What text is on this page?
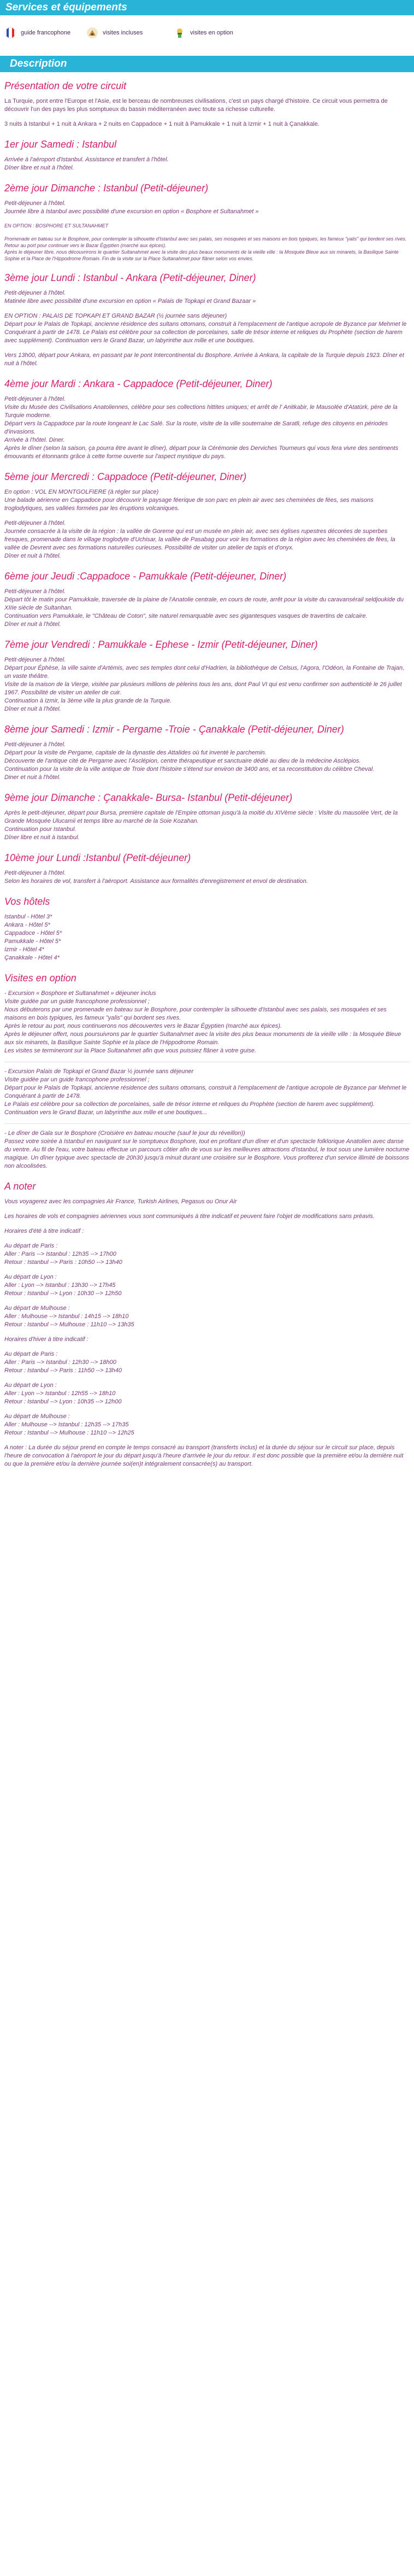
Services et équipements
guide francophone	visites incluses	visites en option
Description
Présentation de votre circuit

La Turquie, pont entre l'Europe et l'Asie, est le berceau de nombreuses civilisations, c'est un pays chargé d'histoire. Ce circuit vous permettra de découvrir l'un des pays les plus somptueux du bassin méditerranéen avec toute sa richesse culturelle.

3 nuits à Istanbul + 1 nuit à Ankara + 2 nuits en Cappadoce + 1 nuit à Pamukkale + 1 nuit à Izmir + 1 nuit à Çanakkale.

1er jour Samedi : Istanbul

Arrivée à l'aéroport d'Istanbul. Assistance et transfert à l'hôtel.
Dîner libre et nuit à l'hôtel.

2ème jour Dimanche : Istanbul (Petit-déjeuner)

Petit-déjeuner à l'hôtel.
Journée libre à Istanbul avec possibilité d'une excursion en option « Bosphore et Sultanahmet »

EN OPTION : BOSPHORE ET SULTANAHMET

Promenade en bateau sur le Bosphore, pour contempler la silhouette d'Istanbul avec ses palais, ses mosquées et ses maisons en bois typiques, les fameux "yalis" qui bordent ses rives. Retour au port pour continuer vers le Bazar Égyptien (marché aux épices).
Après le déjeuner libre, nous découvrirons le quartier Sultanahmet avec la visite des plus beaux monuments de la vieille ville : la Mosquée Bleue aux six minarets, la Basilique Sainte Sophie et la Place de l'Hippodrome Romain. Fin de la visite sur la Place Sultanahmet pour flâner selon vos envies.

3ème jour Lundi : Istanbul - Ankara (Petit-déjeuner, Diner)

Petit-déjeuner à l'hôtel.
Matinée libre avec possibilité d'une excursion en option « Palais de Topkapi et Grand Bazaar »

EN OPTION : PALAIS DE TOPKAPI ET GRAND BAZAR (½ journée sans déjeuner)
Départ pour le Palais de Topkapi, ancienne résidence des sultans ottomans, construit à l'emplacement de l'antique acropole de Byzance par Mehmet le Conquérant à partir de 1478. Le Palais est célèbre pour sa collection de porcelaines, salle de trésor interne et reliques du Prophète (section de harem avec supplément). Continuation vers le Grand Bazar, un labyrinthe aux mille et une boutiques.

Vers 13h00, départ pour Ankara, en passant par le pont Intercontinental du Bosphore. Arrivée à Ankara, la capitale de la Turquie depuis 1923. Dîner et nuit à l'hôtel.

4ème jour Mardi : Ankara - Cappadoce (Petit-déjeuner, Diner)

Petit-déjeuner à l'hôtel.
Visite du Musée des Civilisations Anatoliennes, célèbre pour ses collections hittites uniques; et arrêt de l' Anitkabir, le Mausolée d'Atatürk, père de la Turquie moderne.
Départ vers la Cappadoce par la route longeant le Lac Salé. Sur la route, visite de la ville souterraine de Saratli, refuge des citoyens en périodes d'invasions.
Arrivée à l'hôtel. Diner.
Après le dîner (selon la saison, ça pourra être avant le dîner), départ pour la Cérémonie des Derviches Tourneurs qui vous fera vivre des sentiments émouvants et étonnants grâce à cette forme ouverte sur l'aspect mystique du pays.

5ème jour Mercredi : Cappadoce (Petit-déjeuner, Diner)

En option : VOL EN MONTGOLFIERE (à régler sur place)
Une balade aérienne en Cappadoce pour découvrir le paysage féerique de son parc en plein air avec ses cheminées de fées, ses maisons troglodytiques, ses vallées formées par les éruptions volcaniques.

Petit-déjeuner à l'hôtel.
Journée consacrée à la visite de la région : la vallée de Goreme qui est un musée en plein air, avec ses églises rupestres décorées de superbes fresques, promenade dans le village troglodyte d'Uchisar, la vallée de Pasabag pour voir les formations de la région avec les cheminées de fées, la vallée de Devrent avec ses formations naturelles curieuses. Possibilité de visiter un atelier de tapis et d'onyx.
Dîner et nuit à l'hôtel.

6ème jour Jeudi :Cappadoce - Pamukkale (Petit-déjeuner, Diner)

Petit-déjeuner à l'hôtel.
Départ tôt le matin pour Pamukkale, traversée de la plaine de l'Anatolie centrale, en cours de route, arrêt pour la visite du caravansérail seldjoukide du XIIIe siècle de Sultanhan.
Continuation vers Pamukkale, le "Château de Coton", site naturel remarquable avec ses gigantesques vasques de travertins de calcaire.
Dîner et nuit à l'hôtel.

7ème jour Vendredi : Pamukkale - Ephese - Izmir (Petit-déjeuner, Diner)

Petit-déjeuner à l'hôtel.
Départ pour Éphèse, la ville sainte d'Artémis, avec ses temples dont celui d'Hadrien, la bibliothèque de Celsus, l'Agora, l'Odéon, la Fontaine de Trajan, un vaste théâtre.
Visite de la maison de la Vierge, visitée par plusieurs millions de pèlerins tous les ans, dont Paul VI qui est venu confirmer son authenticité le 26 juillet 1967. Possibilité de visiter un atelier de cuir.
Continuation à Izmir, la 3ème ville la plus grande de la Turquie.
Dîner et nuit à l'hôtel.

8ème jour Samedi : Izmir - Pergame -Troie - Çanakkale (Petit-déjeuner, Diner)

Petit-déjeuner à l'hôtel.
Départ pour la visite de Pergame, capitale de la dynastie des Attalides où fut inventé le parchemin.
Découverte de l'antique cité de Pergame avec l'Asclépion, centre thérapeutique et sanctuaire dédié au dieu de la médecine Asclépios.
Continuation pour la visite de la ville antique de Troie dont l'histoire s'étend sur environ de 3400 ans, et sa reconstitution du célèbre Cheval.
Diner et nuit à l'hôtel.

9ème jour Dimanche : Çanakkale- Bursa- Istanbul (Petit-déjeuner)

Après le petit-déjeuner, départ pour Bursa, première capitale de l'Empire ottoman jusqu'à la moitié du XIVème siècle : Visite du mausolée Vert, de la Grande Mosquée Ulucamii et temps libre au marché de la Soie Kozahan.
Continuation pour Istanbul.
Dîner libre et nuit à Istanbul.

10ème jour Lundi :Istanbul (Petit-déjeuner)

Petit-déjeuner à l'hôtel.
Selon les horaires de vol, transfert à l'aéroport. Assistance aux formalités d'enregistrement et envol de destination.

Vos hôtels

Istanbul - Hôtel 3*
Ankara - Hôtel 5*
Cappadoce - Hôtel 5*
Pamukkale - Hôtel 5*
Izmir - Hôtel 4*
Çanakkale - Hôtel 4*

Visites en option

- Excursion « Bosphore et Sultanahmet » déjeuner inclus
Visite guidée par un guide francophone professionnel ;
Nous débuterons par une promenade en bateau sur le Bosphore, pour contempler la silhouette d'Istanbul avec ses palais, ses mosquées et ses maisons en bois typiques, les fameux "yalis" qui bordent ses rives.
Après le retour au port, nous continuerons nos découvertes vers le Bazar Égyptien (marché aux épices).
Après le déjeuner offert, nous poursuivrons par le quartier Sultanahmet avec la visite des plus beaux monuments de la vieille ville : la Mosquée Bleue aux six minarets, la Basilique Sainte Sophie et la place de l'Hippodrome Romain.
Les visites se termineront sur la Place Sultanahmet afin que vous puissiez flâner à votre guise.

- Excursion Palais de Topkapi et Grand Bazar ½ journée sans déjeuner
Visite guidée par un guide francophone professionnel ;
Départ pour le Palais de Topkapi, ancienne résidence des sultans ottomans, construit à l'emplacement de l'antique acropole de Byzance par Mehmet le Conquérant à partir de 1478.
Le Palais est célèbre pour sa collection de porcelaines, salle de trésor interne et reliques du Prophète (section de harem avec supplément).
Continuation vers le Grand Bazar, un labyrinthe aux mille et une boutiques...

- Le dîner de Gala sur le Bosphore (Croisière en bateau mouche (sauf le jour du réveillon))
Passez votre soirée à Istanbul en naviguant sur le somptueux Bosphore, tout en profitant d'un dîner et d'un spectacle folklorique Anatolien avec danse du ventre. Au fil de l'eau, votre bateau effectue un parcours côtier afin de vous sur les meilleures attractions d'Istanbul, le tout sous une lumière nocturne magique. Un dîner typique avec spectacle de 20h30 jusqu'à minuit durant une croisière sur le Bosphore. Vous profiterez d'un service illimité de boissons non alcoolisées.

A noter

Vous voyagerez avec les compagnies Air France, Turkish Airlines, Pegasus ou Onur Air

Les horaires de vols et compagnies aériennes vous sont communiqués à titre indicatif et peuvent faire l'objet de modifications sans préavis.

Horaires d'été à titre indicatif :

Au départ de Paris :
Aller : Paris --> Istanbul : 12h35 --> 17h00
Retour : Istanbul --> Paris : 10h50 --> 13h40

Au départ de Lyon :
Aller : Lyon --> Istanbul : 13h30 --> 17h45
Retour : Istanbul --> Lyon : 10h30 --> 12h50

Au départ de Mulhouse :
Aller : Mulhouse --> Istanbul : 14h15 --> 18h10
Retour : Istanbul --> Mulhouse : 11h10 --> 13h35

Horaires d'hiver à titre indicatif :

Au départ de Paris :
Aller : Paris --> Istanbul : 12h30 --> 18h00
Retour : Istanbul --> Paris : 11h50 --> 13h40

Au départ de Lyon :
Aller : Lyon --> Istanbul : 12h55 --> 18h10
Retour : Istanbul --> Lyon : 10h35 --> 12h00

Au départ de Mulhouse :
Aller : Mulhouse --> Istanbul : 12h35 --> 17h35
Retour : Istanbul --> Mulhouse : 11h10 --> 12h25

A noter : La durée du séjour prend en compte le temps consacré au transport (transferts inclus) et la durée du séjour sur le circuit sur place, depuis l'heure de convocation à l'aéroport le jour du départ jusqu'à l'heure d'arrivée le jour du retour. Il est donc possible que la première et/ou la dernière nuit ou que la première et/ou la dernière journée soi(en)t intégralement consacrée(s) au transport.
